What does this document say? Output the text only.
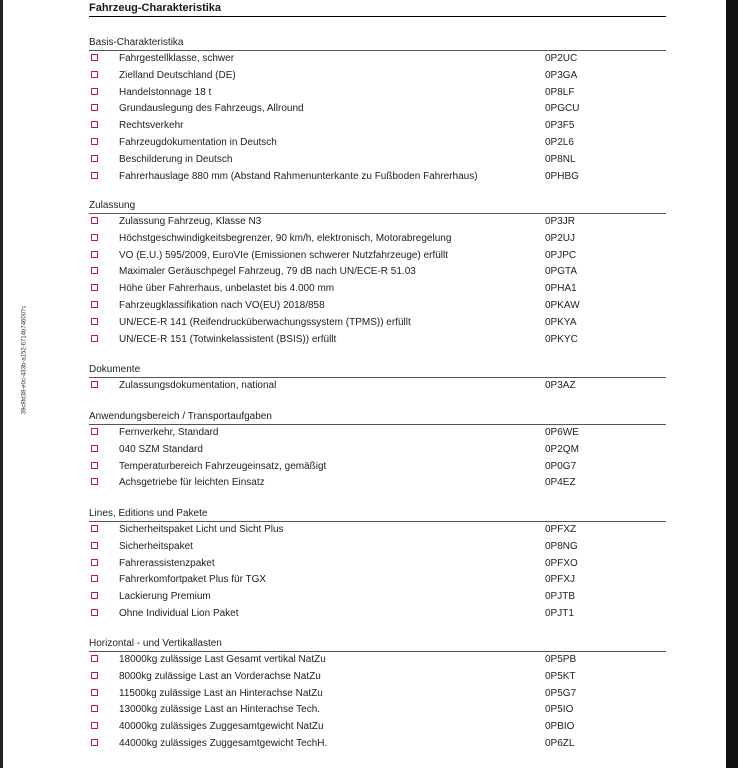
39c8fd38-e0c-433b-a152-6714b746007c
Fahrzeug-Charakteristika
Basis-Charakteristika
Fahrgestellklasse, schwer	0P2UC
Zielland Deutschland (DE)	0P3GA
Handelstonnage 18 t	0P8LF
Grundauslegung des Fahrzeugs, Allround	0PGCU
Rechtsverkehr	0P3F5
Fahrzeugdokumentation in Deutsch	0P2L6
Beschilderung in Deutsch	0P8NL
Fahrerhauslage 880 mm (Abstand Rahmenunterkante zu Fußboden Fahrerhaus)	0PHBG
Zulassung
Zulassung Fahrzeug, Klasse N3	0P3JR
Höchstgeschwindigkeitsbegrenzer, 90 km/h, elektronisch, Motorabregelung	0P2UJ
VO (E.U.) 595/2009, EuroVIe (Emissionen schwerer Nutzfahrzeuge) erfüllt	0PJPC
Maximaler Geräuschpegel Fahrzeug, 79 dB nach UN/ECE-R 51.03	0PGTA
Höhe über Fahrerhaus, unbelastet bis 4.000 mm	0PHA1
Fahrzeugklassifikation nach VO(EU) 2018/858	0PKAW
UN/ECE-R 141 (Reifendrucküberwachungssystem (TPMS)) erfüllt	0PKYA
UN/ECE-R 151 (Totwinkelassistent (BSIS)) erfüllt	0PKYC
Dokumente
Zulassungsdokumentation, national	0P3AZ
Anwendungsbereich / Transportaufgaben
Fernverkehr, Standard	0P6WE
040 SZM Standard	0P2QM
Temperaturbereich Fahrzeugeinsatz, gemäßigt	0P0G7
Achsgetriebe für leichten Einsatz	0P4EZ
Lines, Editions und Pakete
Sicherheitspaket Licht und Sicht Plus	0PFXZ
Sicherheitspaket	0P8NG
Fahrerassistenzpaket	0PFXO
Fahrerkomfortpaket Plus für TGX	0PFXJ
Lackierung Premium	0PJTB
Ohne Individual Lion Paket	0PJT1
Horizontal - und Vertikallasten
18000kg zulässige Last Gesamt vertikal NatZu	0P5PB
8000kg zulässige Last an Vorderachse NatZu	0P5KT
11500kg zulässige Last an Hinterachse NatZu	0P5G7
13000kg zulässige Last an Hinterachse Tech.	0P5IO
40000kg zulässiges Zuggesamtgewicht NatZu	0PBIO
44000kg zulässiges Zuggesamtgewicht TechH.	0P6ZL
